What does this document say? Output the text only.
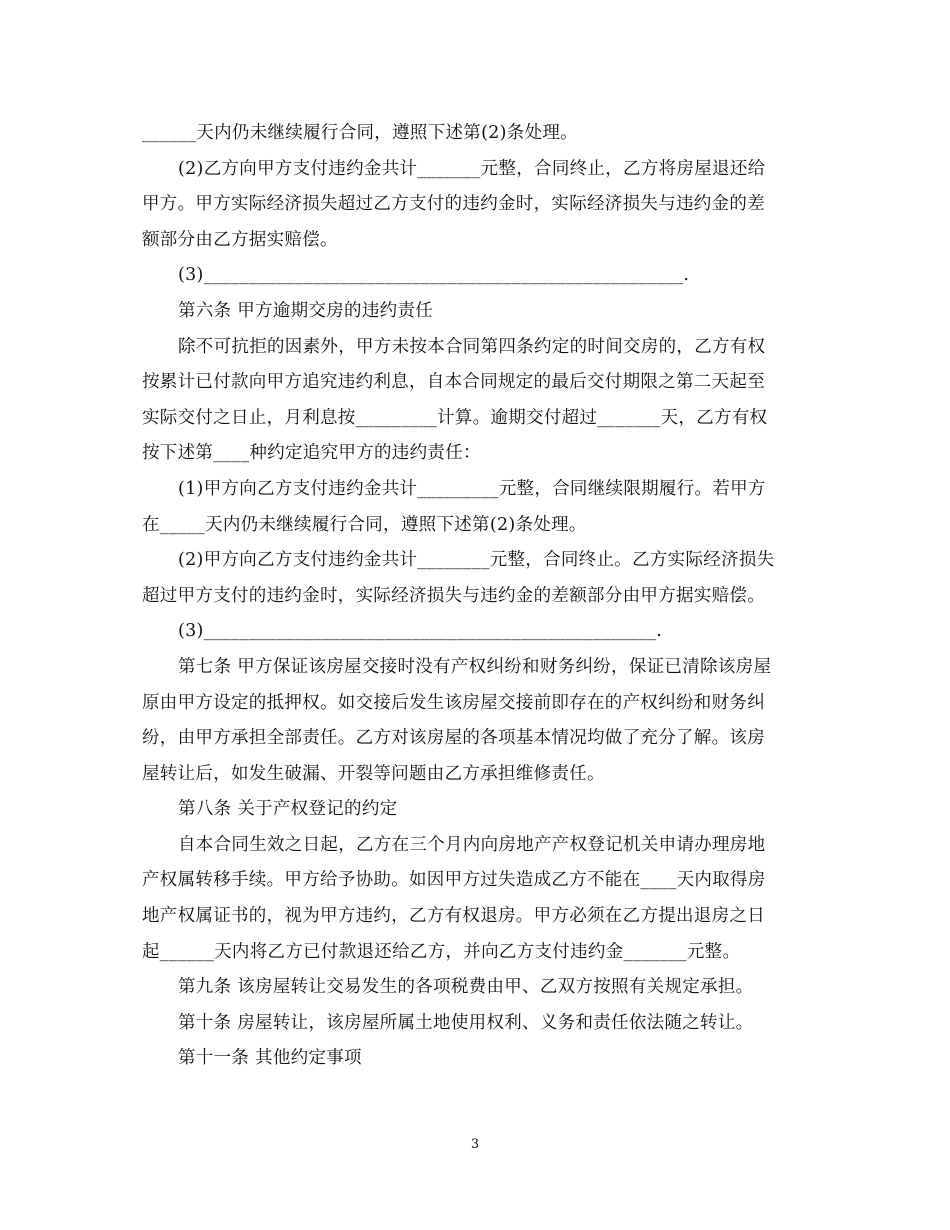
______天内仍未继续履行合同，遵照下述第(2)条处理。

(2)乙方向甲方支付违约金共计_______元整，合同终止，乙方将房屋退还给

甲方。甲方实际经济损失超过乙方支付的违约金时，实际经济损失与违约金的差

额部分由乙方据实赔偿。

(3)_____________________________________________________.

第六条 甲方逾期交房的违约责任

除不可抗拒的因素外，甲方未按本合同第四条约定的时间交房的，乙方有权

按累计已付款向甲方追究违约利息，自本合同规定的最后交付期限之第二天起至

实际交付之日止，月利息按_________计算。逾期交付超过_______天，乙方有权

按下述第____种约定追究甲方的违约责任：

(1)甲方向乙方支付违约金共计_________元整，合同继续限期履行。若甲方

在_____天内仍未继续履行合同，遵照下述第(2)条处理。

(2)甲方向乙方支付违约金共计________元整，合同终止。乙方实际经济损失

超过甲方支付的违约金时，实际经济损失与违约金的差额部分由甲方据实赔偿。

(3)__________________________________________________.

第七条 甲方保证该房屋交接时没有产权纠纷和财务纠纷，保证已清除该房屋

原由甲方设定的抵押权。如交接后发生该房屋交接前即存在的产权纠纷和财务纠

纷，由甲方承担全部责任。乙方对该房屋的各项基本情况均做了充分了解。该房

屋转让后，如发生破漏、开裂等问题由乙方承担维修责任。

第八条 关于产权登记的约定

自本合同生效之日起，乙方在三个月内向房地产产权登记机关申请办理房地

产权属转移手续。甲方给予协助。如因甲方过失造成乙方不能在____天内取得房

地产权属证书的，视为甲方违约，乙方有权退房。甲方必须在乙方提出退房之日

起______天内将乙方已付款退还给乙方，并向乙方支付违约金_______元整。

第九条 该房屋转让交易发生的各项税费由甲、乙双方按照有关规定承担。

第十条 房屋转让，该房屋所属土地使用权利、义务和责任依法随之转让。

第十一条 其他约定事项

3
